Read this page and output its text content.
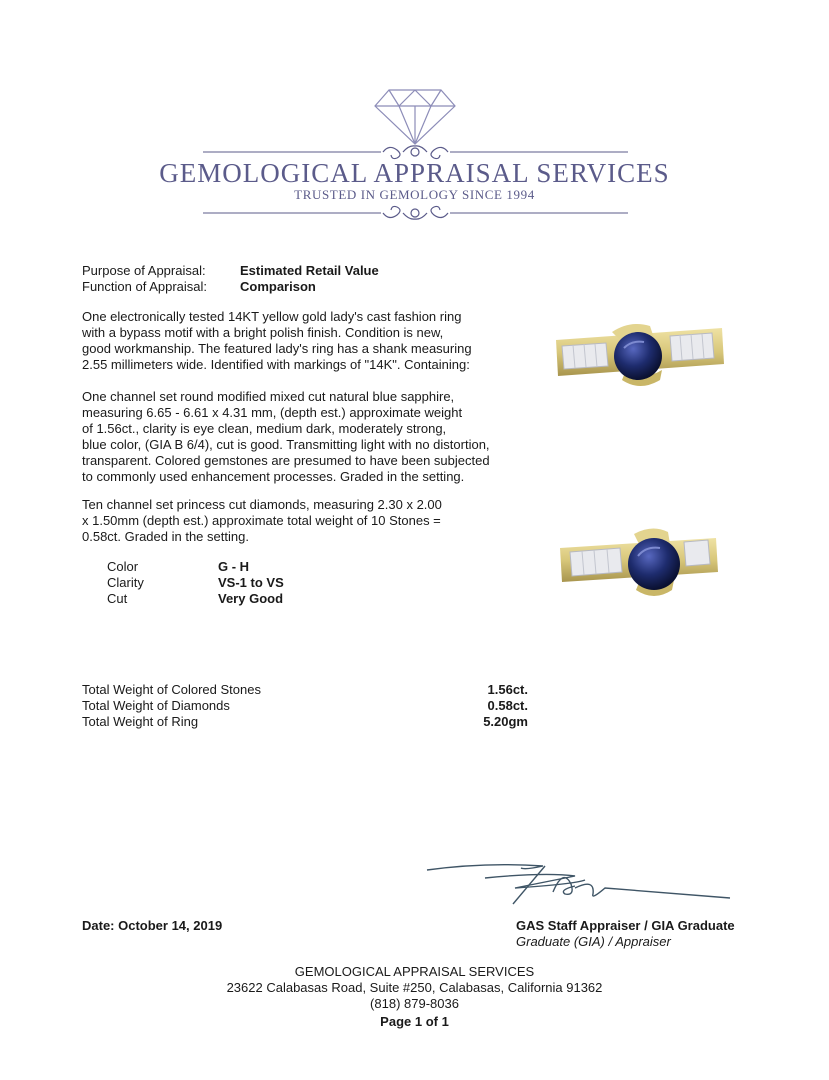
GEMOLOGICAL APPRAISAL SERVICES
TRUSTED IN GEMOLOGY SINCE 1994
Purpose of Appraisal:	Estimated Retail Value
Function of Appraisal:	Comparison

One electronically tested 14KT yellow gold lady's cast fashion ring

with a bypass motif with a bright polish finish. Condition is new,

good workmanship. The featured lady's ring has a shank measuring

2.55 millimeters wide. Identified with markings of "14K". Containing:

One channel set round modified mixed cut natural blue sapphire,

measuring 6.65 - 6.61 x 4.31 mm, (depth est.) approximate weight

of 1.56ct., clarity is eye clean, medium dark, moderately strong,

blue color, (GIA B 6/4), cut is good. Transmitting light with no distortion,

transparent. Colored gemstones are presumed to have been subjected

to commonly used enhancement processes. Graded in the setting.

Ten channel set princess cut diamonds, measuring 2.30 x 2.00

x 1.50mm (depth est.) approximate total weight of 10 Stones =

0.58ct. Graded in the setting.

Color	G - H
Clarity	VS-1 to VS
Cut	Very Good
Total Weight of Colored Stones	1.56ct.
Total Weight of Diamonds	0.58ct.
Total Weight of Ring	5.20gm
Date: October 14, 2019	GAS Staff Appraiser / GIA Graduate
Graduate (GIA) / Appraiser
GEMOLOGICAL APPRAISAL SERVICES
23622 Calabasas Road, Suite #250, Calabasas, California 91362
(818) 879-8036
Page 1 of 1
